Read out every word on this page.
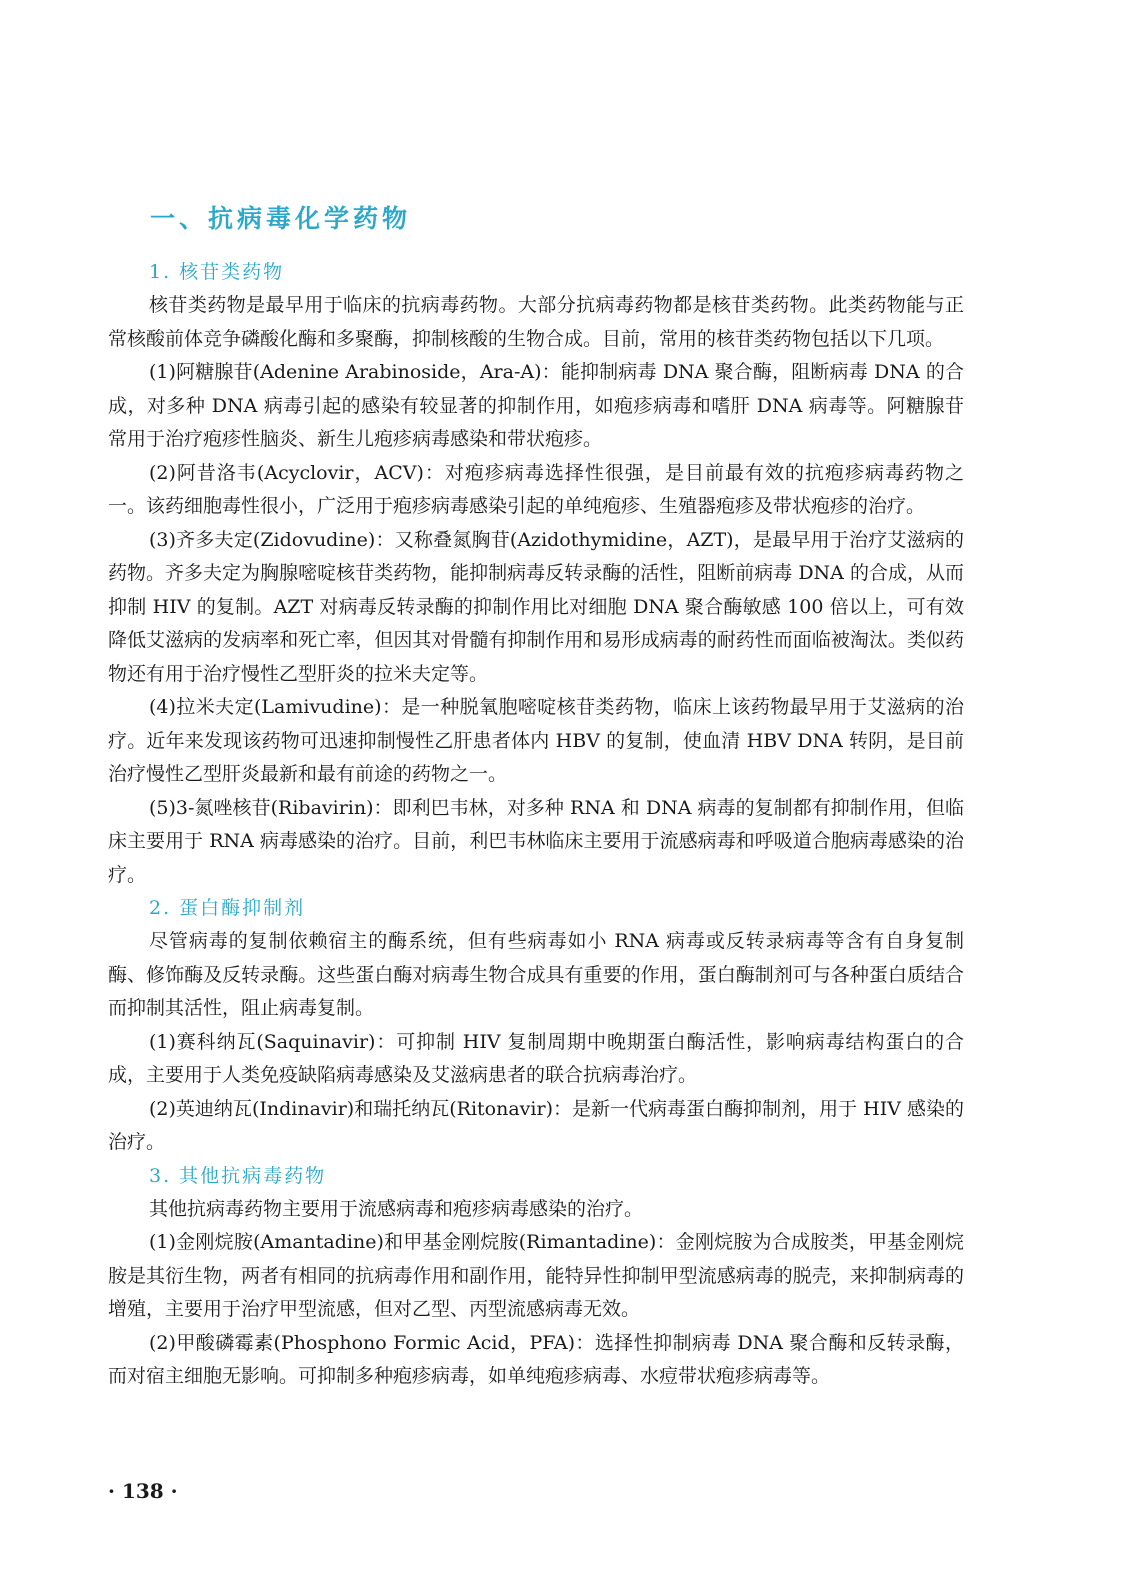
一、抗病毒化学药物

1. 核苷类药物

核苷类药物是最早用于临床的抗病毒药物。大部分抗病毒药物都是核苷类药物。此类药物能与正常核酸前体竞争磷酸化酶和多聚酶，抑制核酸的生物合成。目前，常用的核苷类药物包括以下几项。

(1)阿糖腺苷(Adenine Arabinoside，Ara-A)：能抑制病毒 DNA 聚合酶，阻断病毒 DNA 的合成，对多种 DNA 病毒引起的感染有较显著的抑制作用，如疱疹病毒和嗜肝 DNA 病毒等。阿糖腺苷常用于治疗疱疹性脑炎、新生儿疱疹病毒感染和带状疱疹。

(2)阿昔洛韦(Acyclovir，ACV)：对疱疹病毒选择性很强，是目前最有效的抗疱疹病毒药物之一。该药细胞毒性很小，广泛用于疱疹病毒感染引起的单纯疱疹、生殖器疱疹及带状疱疹的治疗。

(3)齐多夫定(Zidovudine)：又称叠氮胸苷(Azidothymidine，AZT)，是最早用于治疗艾滋病的药物。齐多夫定为胸腺嘧啶核苷类药物，能抑制病毒反转录酶的活性，阻断前病毒 DNA 的合成，从而抑制 HIV 的复制。AZT 对病毒反转录酶的抑制作用比对细胞 DNA 聚合酶敏感 100 倍以上，可有效降低艾滋病的发病率和死亡率，但因其对骨髓有抑制作用和易形成病毒的耐药性而面临被淘汰。类似药物还有用于治疗慢性乙型肝炎的拉米夫定等。

(4)拉米夫定(Lamivudine)：是一种脱氧胞嘧啶核苷类药物，临床上该药物最早用于艾滋病的治疗。近年来发现该药物可迅速抑制慢性乙肝患者体内 HBV 的复制，使血清 HBV DNA 转阴，是目前治疗慢性乙型肝炎最新和最有前途的药物之一。

(5)3-氮唑核苷(Ribavirin)：即利巴韦林，对多种 RNA 和 DNA 病毒的复制都有抑制作用，但临床主要用于 RNA 病毒感染的治疗。目前，利巴韦林临床主要用于流感病毒和呼吸道合胞病毒感染的治疗。

2. 蛋白酶抑制剂

尽管病毒的复制依赖宿主的酶系统，但有些病毒如小 RNA 病毒或反转录病毒等含有自身复制酶、修饰酶及反转录酶。这些蛋白酶对病毒生物合成具有重要的作用，蛋白酶制剂可与各种蛋白质结合而抑制其活性，阻止病毒复制。

(1)赛科纳瓦(Saquinavir)：可抑制 HIV 复制周期中晚期蛋白酶活性，影响病毒结构蛋白的合成，主要用于人类免疫缺陷病毒感染及艾滋病患者的联合抗病毒治疗。

(2)英迪纳瓦(Indinavir)和瑞托纳瓦(Ritonavir)：是新一代病毒蛋白酶抑制剂，用于 HIV 感染的治疗。

3. 其他抗病毒药物

其他抗病毒药物主要用于流感病毒和疱疹病毒感染的治疗。

(1)金刚烷胺(Amantadine)和甲基金刚烷胺(Rimantadine)：金刚烷胺为合成胺类，甲基金刚烷胺是其衍生物，两者有相同的抗病毒作用和副作用，能特异性抑制甲型流感病毒的脱壳，来抑制病毒的增殖，主要用于治疗甲型流感，但对乙型、丙型流感病毒无效。

(2)甲酸磷霉素(Phosphono Formic Acid，PFA)：选择性抑制病毒 DNA 聚合酶和反转录酶，而对宿主细胞无影响。可抑制多种疱疹病毒，如单纯疱疹病毒、水痘带状疱疹病毒等。

· 138 ·
